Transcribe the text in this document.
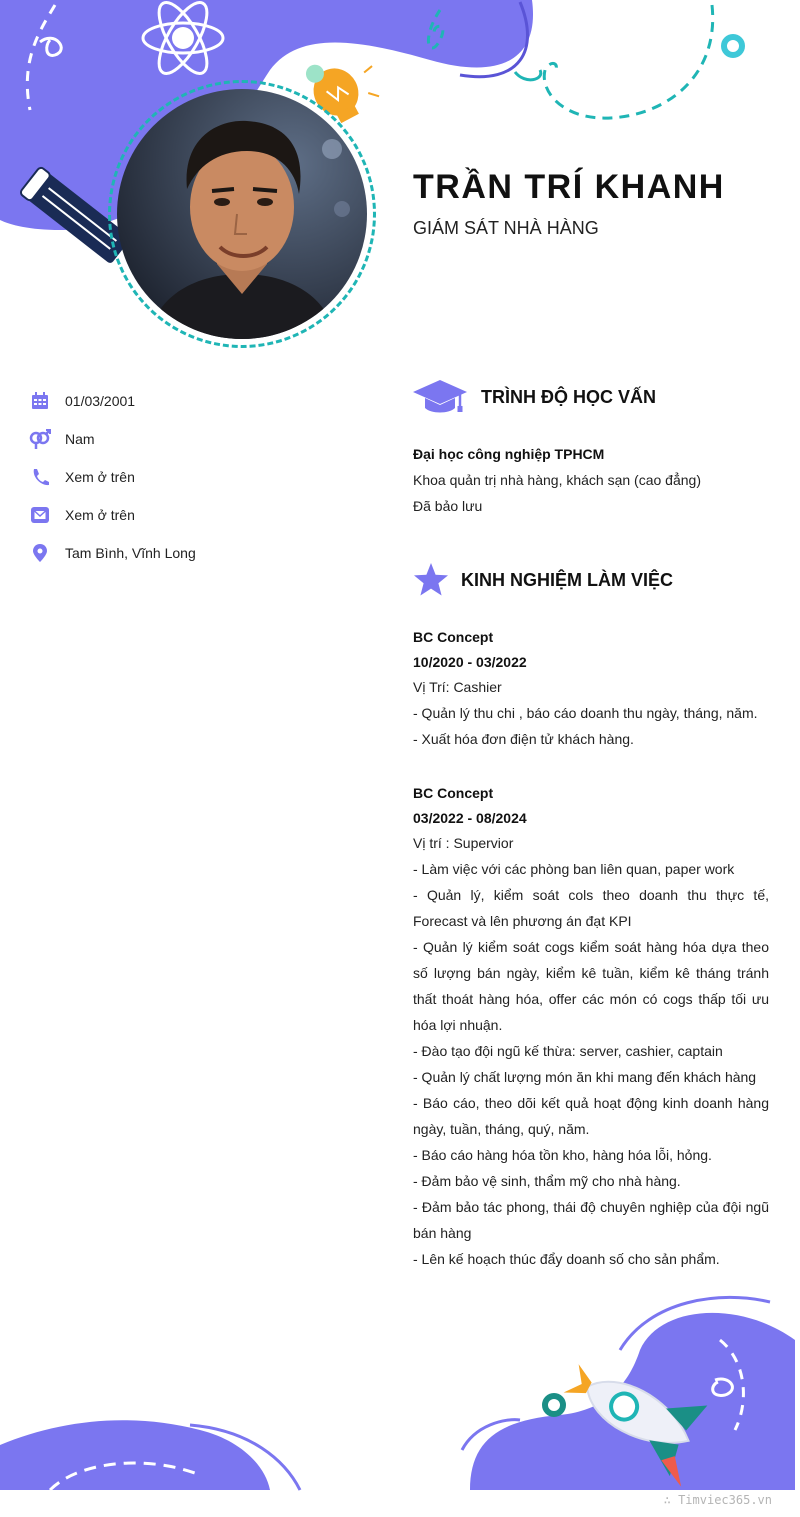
TRẦN TRÍ KHANH
GIÁM SÁT NHÀ HÀNG
01/03/2001
Nam
Xem ở trên
Xem ở trên
Tam Bình, Vĩnh Long
TRÌNH ĐỘ HỌC VẤN
Đại học công nghiệp TPHCM
Khoa quản trị nhà hàng, khách sạn (cao đẳng)
Đã bảo lưu
KINH NGHIỆM LÀM VIỆC
BC Concept
10/2020 - 03/2022
Vị Trí: Cashier
- Quản lý thu chi , báo cáo doanh thu ngày, tháng, năm.
- Xuất hóa đơn điện tử khách hàng.
BC Concept
03/2022 - 08/2024
Vị trí : Supervior
- Làm việc với các phòng ban liên quan, paper work
- Quản lý, kiểm soát cols theo doanh thu thực tế, Forecast và lên phương án đạt KPI
- Quản lý kiểm soát cogs kiểm soát hàng hóa dựa theo số lượng bán ngày, kiểm kê tuần, kiểm kê tháng tránh thất thoát hàng hóa, offer các món có cogs thấp tối ưu hóa lợi nhuận.
- Đào tạo đội ngũ kế thừa: server, cashier, captain
- Quản lý chất lượng món ăn khi mang đến khách hàng
- Báo cáo, theo dõi kết quả hoạt động kinh doanh hàng ngày, tuần, tháng, quý, năm.
- Báo cáo hàng hóa tồn kho, hàng hóa lỗi, hỏng.
- Đảm bảo vệ sinh, thẩm mỹ cho nhà hàng.
- Đảm bảo tác phong, thái độ chuyên nghiệp của đội ngũ bán hàng
- Lên kế hoạch thúc đẩy doanh số cho sản phẩm.
∴ Timviec365.vn
